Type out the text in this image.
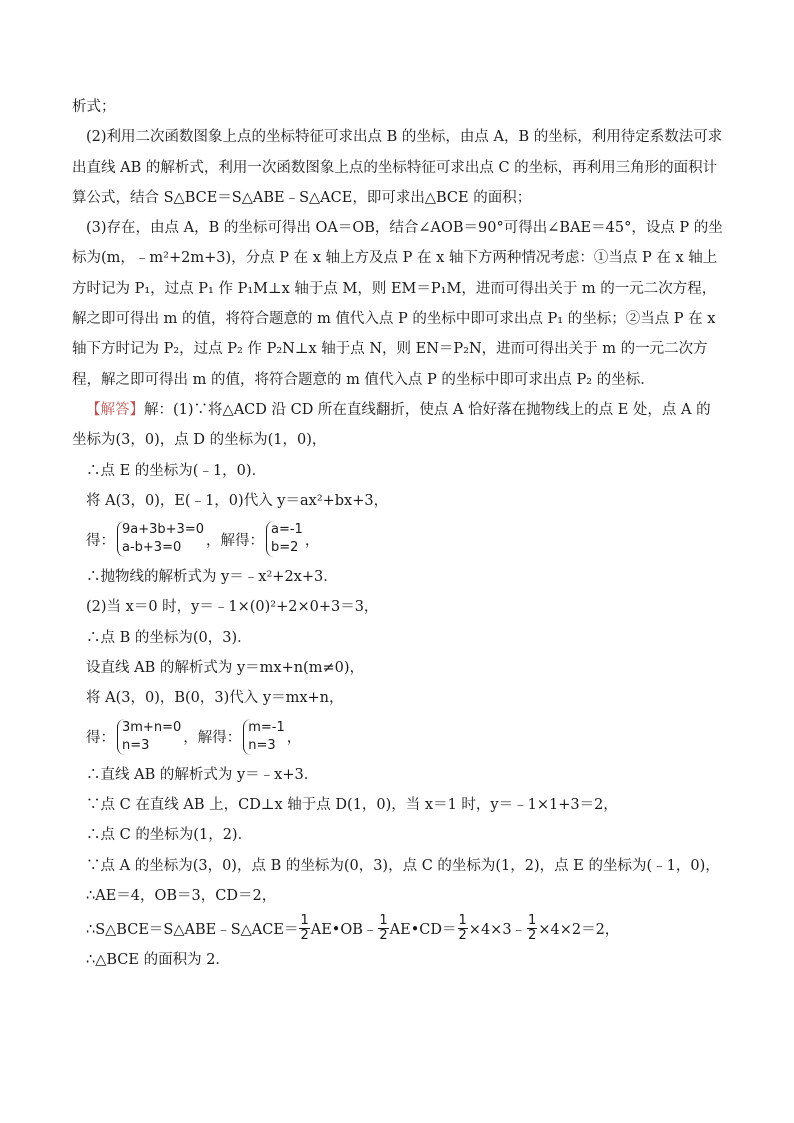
析式；

(2)利用二次函数图象上点的坐标特征可求出点 B 的坐标，由点 A，B 的坐标，利用待定系数法可求出直线 AB 的解析式，利用一次函数图象上点的坐标特征可求出点 C 的坐标，再利用三角形的面积计算公式，结合 S△BCE＝S△ABE﹣S△ACE，即可求出△BCE 的面积；

(3)存在，由点 A，B 的坐标可得出 OA＝OB，结合∠AOB＝90°可得出∠BAE＝45°，设点 P 的坐标为(m，﹣m²+2m+3)，分点 P 在 x 轴上方及点 P 在 x 轴下方两种情况考虑：①当点 P 在 x 轴上方时记为 P₁，过点 P₁ 作 P₁M⊥x 轴于点 M，则 EM＝P₁M，进而可得出关于 m 的一元二次方程，解之即可得出 m 的值，将符合题意的 m 值代入点 P 的坐标中即可求出点 P₁ 的坐标；②当点 P 在 x 轴下方时记为 P₂，过点 P₂ 作 P₂N⊥x 轴于点 N，则 EN＝P₂N，进而可得出关于 m 的一元二次方程，解之即可得出 m 的值，将符合题意的 m 值代入点 P 的坐标中即可求出点 P₂ 的坐标．

【解答】解：(1)∵将△ACD 沿 CD 所在直线翻折，使点 A 恰好落在抛物线上的点 E 处，点 A 的坐标为(3，0)，点 D 的坐标为(1，0)，

∴点 E 的坐标为(﹣1，0)．

将 A(3，0)，E(﹣1，0)代入 y＝ax²+bx+3，

得：
9a+3b+3=0
a-b+3=0	，解得：
a=-1
b=2 ，

∴抛物线的解析式为 y＝﹣x²+2x+3．

(2)当 x＝0 时，y＝﹣1×(0)²+2×0+3＝3，

∴点 B 的坐标为(0，3)．

设直线 AB 的解析式为 y＝mx+n(m≠0)，

将 A(3，0)，B(0，3)代入 y＝mx+n，

得：
3m+n=0
n=3	，解得：
m=-1
n=3 ，

∴直线 AB 的解析式为 y＝﹣x+3．

∵点 C 在直线 AB 上，CD⊥x 轴于点 D(1，0)，当 x＝1 时，y＝﹣1×1+3＝2，

∴点 C 的坐标为(1，2)．

∵点 A 的坐标为(3，0)，点 B 的坐标为(0，3)，点 C 的坐标为(1，2)，点 E 的坐标为(﹣1，0)，

∴AE＝4，OB＝3，CD＝2，

∴S△BCE＝S△ABE﹣S△ACE＝ $\frac{1}{2}$ AE•OB﹣ $\frac{1}{2}$ AE•CD＝ $\frac{1}{2}$ ×4×3﹣ $\frac{1}{2} \times 4\times 2=2$，

∴△BCE 的面积为 2．
